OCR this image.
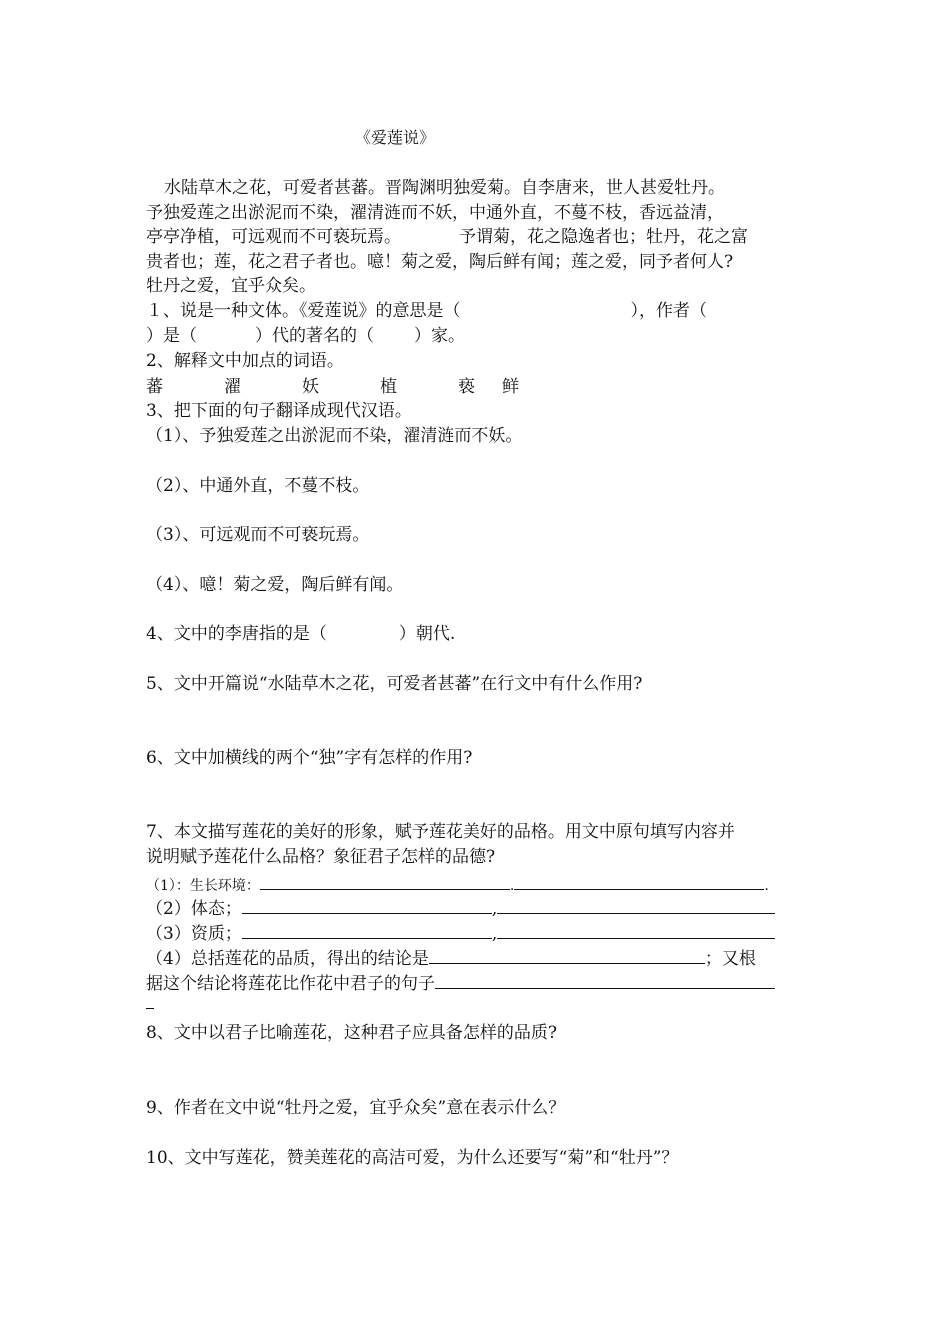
《爱莲说》
水陆草木之花，可爱者甚蕃。晋陶渊明独爱菊。自李唐来，世人甚爱牡丹。
予独爱莲之出淤泥而不染，濯清涟而不妖，中通外直，不蔓不枝，香远益清，
亭亭净植，可远观而不可亵玩焉。	予谓菊，花之隐逸者也；牡丹，花之富
贵者也；莲，花之君子者也。噫！菊之爱，陶后鲜有闻；莲之爱，同予者何人?
牡丹之爱，宜乎众矣。
１、说是一种文体。《爱莲说》的意思是（	），作者（
）是（	）代的著名的（ ）家。
2、解释文中加点的词语。
蕃	濯	妖	植	亵 鲜
3、把下面的句子翻译成现代汉语。
（1）、予独爱莲之出淤泥而不染，濯清涟而不妖。
（2）、中通外直，不蔓不枝。
（3）、可远观而不可亵玩焉。
（4）、噫！菊之爱，陶后鲜有闻。
4、文中的李唐指的是（	）朝代.
5、文中开篇说“水陆草木之花，可爱者甚蕃”在行文中有什么作用?
6、文中加横线的两个“独”字有怎样的作用?
7、本文描写莲花的美好的形象，赋予莲花美好的品格。用文中原句填写内容并
说明赋予莲花什么品格？象征君子怎样的品德?
（1）：生长环境：	.	.
（2）体态；	,
（3）资质；	,
（4）总括莲花的品质，得出的结论是	；又根
据这个结论将莲花比作花中君子的句子
8、文中以君子比喻莲花，这种君子应具备怎样的品质?
9、作者在文中说“牡丹之爱，宜乎众矣”意在表示什么？
10、文中写莲花，赞美莲花的高洁可爱，为什么还要写“菊”和“牡丹”？
